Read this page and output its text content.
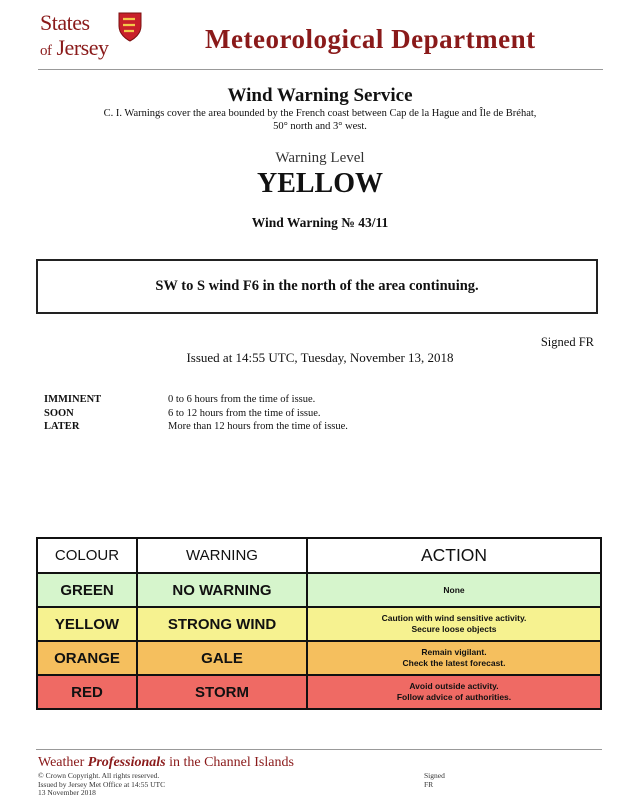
States
of Jersey	Meteorological Department
Wind Warning Service
C. I. Warnings cover the area bounded by the French coast between Cap de la Hague and Île de Bréhat,
50° north and 3° west.
Warning Level
YELLOW
Wind Warning № 43/11
SW to S wind F6 in the north of the area continuing.
Signed FR
Issued at 14:55 UTC, Tuesday, November 13, 2018
IMMINENT	0 to 6 hours from the time of issue.
SOON	6 to 12 hours from the time of issue.
LATER	More than 12 hours from the time of issue.
COLOUR	WARNING	ACTION
GREEN	NO WARNING	None

YELLOW	STRONG WIND	Caution with wind sensitive activity.
Secure loose objects

ORANGE	GALE	Remain vigilant.
Check the latest forecast.

RED	STORM	Avoid outside activity.
Follow advice of authorities.
Weather Professionals in the Channel Islands
© Crown Copyright. All rights reserved.
Issued by Jersey Met Office at 14:55 UTC
13 November 2018
Signed
FR
